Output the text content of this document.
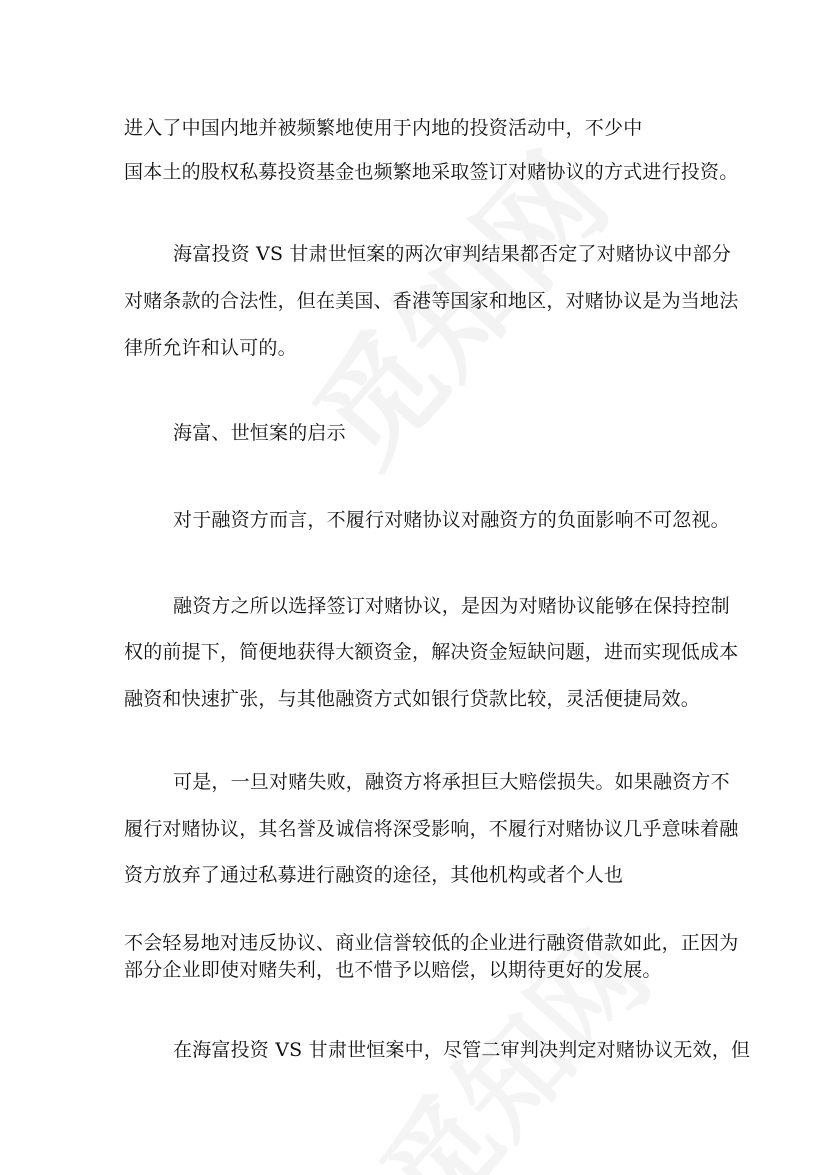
进入了中国内地并被频繁地使用于内地的投资活动中，不少中
国本土的股权私募投资基金也频繁地采取签订对赌协议的方式进行投资。
海富投资 VS 甘肃世恒案的两次审判结果都否定了对赌协议中部分
对赌条款的合法性，但在美国、香港等国家和地区，对赌协议是为当地法
律所允许和认可的。
海富、世恒案的启示
对于融资方而言，不履行对赌协议对融资方的负面影响不可忽视。
融资方之所以选择签订对赌协议，是因为对赌协议能够在保持控制
权的前提下，简便地获得大额资金，解决资金短缺问题，进而实现低成本
融资和快速扩张，与其他融资方式如银行贷款比较，灵活便捷局效。
可是，一旦对赌失败，融资方将承担巨大赔偿损失。如果融资方不
履行对赌协议，其名誉及诚信将深受影响，不履行对赌协议几乎意味着融
资方放弃了通过私募进行融资的途径，其他机构或者个人也
不会轻易地对违反协议、商业信誉较低的企业进行融资借款如此，正因为
部分企业即使对赌失利，也不惜予以赔偿，以期待更好的发展。
在海富投资 VS 甘肃世恒案中，尽管二审判决判定对赌协议无效，但
